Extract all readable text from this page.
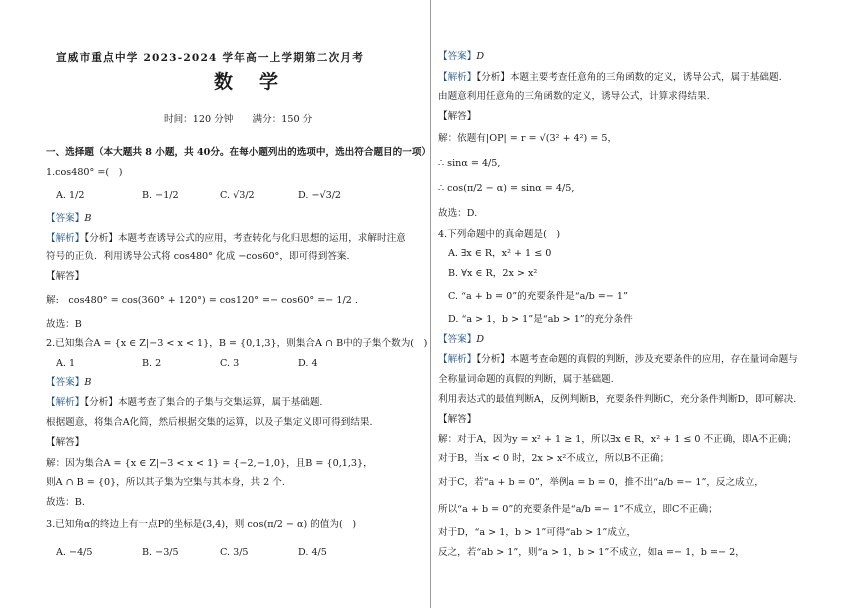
宣威市重点中学 2023-2024 学年高一上学期第二次月考
数学
时间：120 分钟　　满分：150 分
一、选择题（本大题共 8 小题，共 40分。在每小题列出的选项中，选出符合题目的一项）
1.cos480° =(　)
A. 1/2	B. −1/2	C. √3/2	D. −√3/2
【答案】B
【解析】【分析】本题考查诱导公式的应用，考查转化与化归思想的运用，求解时注意
符号的正负．利用诱导公式将 cos480° 化成 −cos60°，即可得到答案.
【解答】
解:　cos480° = cos(360° + 120°) = cos120° =− cos60° =− 1/2 .
故选：B
2.已知集合A = {x ∈ Z|−3 < x < 1}，B = {0,1,3}，则集合A ∩ B中的子集个数为(　)
A. 1	B. 2	C. 3	D. 4
【答案】B
【解析】【分析】本题考查了集合的子集与交集运算，属于基础题.
根据题意，将集合A化简，然后根据交集的运算，以及子集定义即可得到结果.
【解答】
解：因为集合A = {x ∈ Z|−3 < x < 1} = {−2,−1,0}，且B = {0,1,3}，
则A ∩ B = {0}，所以其子集为空集与其本身，共 2 个.
故选：B.
3.已知角α的终边上有一点P的坐标是(3,4)，则 cos(π/2 − α) 的值为(　)
A. −4/5	B. −3/5	C. 3/5	D. 4/5
【答案】D
【解析】【分析】本题主要考查任意角的三角函数的定义，诱导公式，属于基础题.
由题意利用任意角的三角函数的定义，诱导公式，计算求得结果.
【解答】
解：依题有|OP| = r = √(3² + 4²) = 5，
∴ sinα = 4/5,
∴ cos(π/2 − α) = sinα = 4/5,
故选：D.
4.下列命题中的真命题是(　)
A. ∃x ∈ R，x² + 1 ≤ 0
B. ∀x ∈ R，2x > x²
C. “a + b = 0”的充要条件是“a/b =− 1”
D. “a > 1，b > 1”是“ab > 1”的充分条件
【答案】D
【解析】【分析】本题考查命题的真假的判断，涉及充要条件的应用，存在量词命题与
全称量词命题的真假的判断，属于基础题.
利用表达式的最值判断A，反例判断B，充要条件判断C，充分条件判断D，即可解决.
【解答】
解：对于A，因为y = x² + 1 ≥ 1，所以∃x ∈ R，x² + 1 ≤ 0 不正确，即A不正确；
对于B，当x < 0 时，2x > x²不成立，所以B不正确；
对于C，若“a + b = 0”，举例a = b = 0，推不出“a/b =− 1”，反之成立，
所以“a + b = 0”的充要条件是“a/b =− 1”不成立，即C不正确；
对于D，“a > 1，b > 1”可得“ab > 1”成立，
反之，若“ab > 1”，则“a > 1，b > 1”不成立，如a =− 1，b =− 2，
